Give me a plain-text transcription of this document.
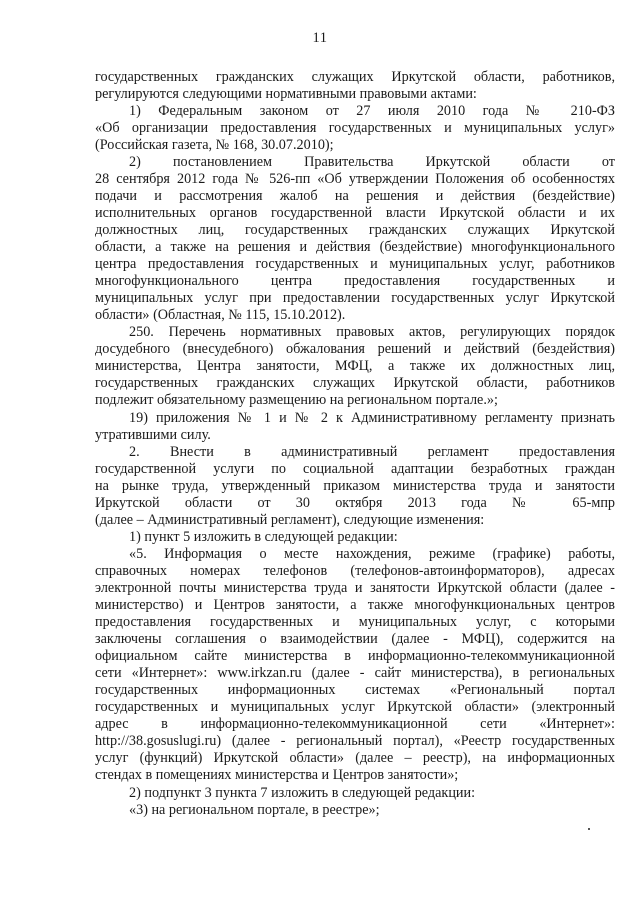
11
государственных гражданских служащих Иркутской области, работников,
регулируются следующими нормативными правовыми актами:
1) Федеральным законом от 27 июля 2010 года № 210-ФЗ
«Об организации предоставления государственных и муниципальных услуг»
(Российская газета, № 168, 30.07.2010);
2) постановлением Правительства Иркутской области от
28 сентября 2012 года № 526-пп «Об утверждении Положения об особенностях
подачи и рассмотрения жалоб на решения и действия (бездействие)
исполнительных органов государственной власти Иркутской области и их
должностных лиц, государственных гражданских служащих Иркутской
области, а также на решения и действия (бездействие) многофункционального
центра предоставления государственных и муниципальных услуг, работников
многофункционального центра предоставления государственных и
муниципальных услуг при предоставлении государственных услуг Иркутской
области» (Областная, № 115, 15.10.2012).
250. Перечень нормативных правовых актов, регулирующих порядок
досудебного (внесудебного) обжалования решений и действий (бездействия)
министерства, Центра занятости, МФЦ, а также их должностных лиц,
государственных гражданских служащих Иркутской области, работников
подлежит обязательному размещению на региональном портале.»;
19) приложения № 1 и № 2 к Административному регламенту признать
утратившими силу.
2. Внести в административный регламент предоставления
государственной услуги по социальной адаптации безработных граждан
на рынке труда, утвержденный приказом министерства труда и занятости
Иркутской области от 30 октября 2013 года № 65-мпр
(далее – Административный регламент), следующие изменения:
1) пункт 5 изложить в следующей редакции:
«5. Информация о месте нахождения, режиме (графике) работы,
справочных номерах телефонов (телефонов-автоинформаторов), адресах
электронной почты министерства труда и занятости Иркутской области (далее -
министерство) и Центров занятости, а также многофункциональных центров
предоставления государственных и муниципальных услуг, с которыми
заключены соглашения о взаимодействии (далее - МФЦ), содержится на
официальном сайте министерства в информационно-телекоммуникационной
сети «Интернет»: www.irkzan.ru (далее - сайт министерства), в региональных
государственных информационных системах «Региональный портал
государственных и муниципальных услуг Иркутской области» (электронный
адрес в информационно-телекоммуникационной сети «Интернет»:
http://38.gosuslugi.ru) (далее - региональный портал), «Реестр государственных
услуг (функций) Иркутской области» (далее – реестр), на информационных
стендах в помещениях министерства и Центров занятости»;
2) подпункт 3 пункта 7 изложить в следующей редакции:
«3) на региональном портале, в реестре»;
